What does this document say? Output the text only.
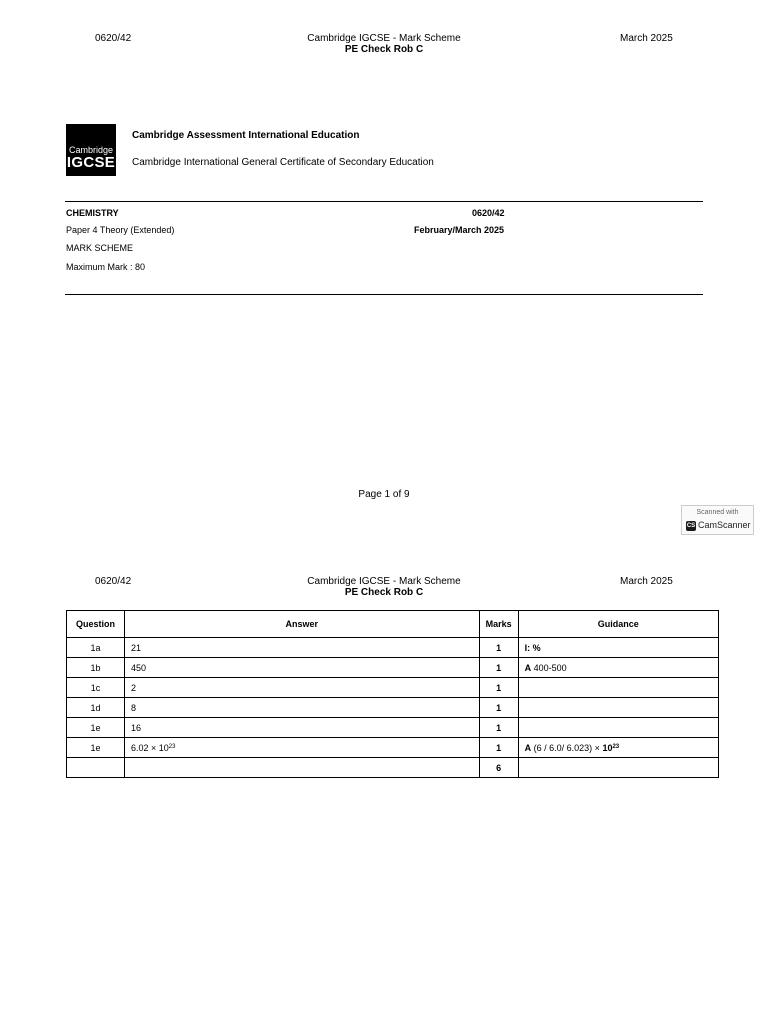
0620/42	Cambridge IGCSE - Mark Scheme
PE Check Rob C
March 2025
Cambridge
IGCSE
Cambridge Assessment International Education
Cambridge International General Certificate of Secondary Education
CHEMISTRY	0620/42
Paper 4 Theory (Extended)	February/March 2025
MARK SCHEME
Maximum Mark : 80
Page 1 of 9
Scanned with
CS CamScanner
0620/42	Cambridge IGCSE - Mark Scheme
PE Check Rob C
March 2025
Question	Answer	Marks	Guidance
1a	21	1	I: %
1b	450	1	A 400-500
1c	2	1	
1d	8	1	
1e	16	1	
1e	$6.02 \times 10^{23}$	1	A (6 / 6.0/ $6.023) \times 10^{23}$
		6	
